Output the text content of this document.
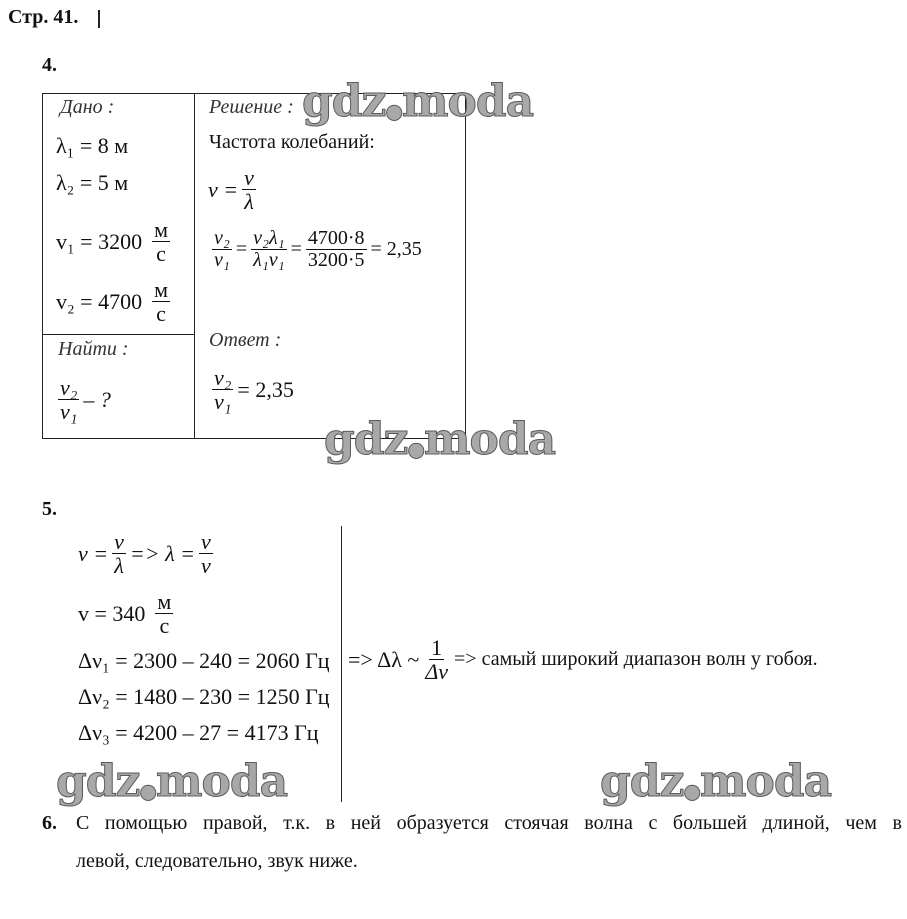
Стр. 41.
4.
Дано :
λ₁ = 8 м
λ₂ = 5 м
$v_1 = 3200 \frac{м}{с}$
$v_2 = 4700 \frac{м}{с}$
Найти :
$\frac{\text{ν₂}}{\text{ν₁}}$ – ?
Решение :
Частота колебаний:
$\nu = \frac{v}{\lambda}$
$\frac{\text{ν₂}}{\text{ν₁}} = \frac{\text{v₂λ₁}}{\text{λ₁v₁}} = \frac{4700\cdot 8}{3200\cdot 5} = 2,35$
Ответ :
$\frac{\text{ν₂}}{\text{ν₁}} = 2,35$
5.
$\nu = \frac{v}{\lambda} => \lambda = \frac{v}{\nu}$
$v = 340 \frac{м}{с}$
Δν₁ = 2300 – 240 = 2060 Гц
Δν₂ = 1480 – 230 = 1250 Гц
Δν₃ = 4200 – 27 = 4173 Гц
=> Δλ ~ $\frac{1}{\Delta\nu}$ => самый широкий диапазон волн у гобоя.
6. С помощью правой, т.к. в ней образуется стоячая волна с большей длиной, чем в
левой, следовательно, звук ниже.
gdz●moda
gdz●moda
gdz●moda	gdz●moda
